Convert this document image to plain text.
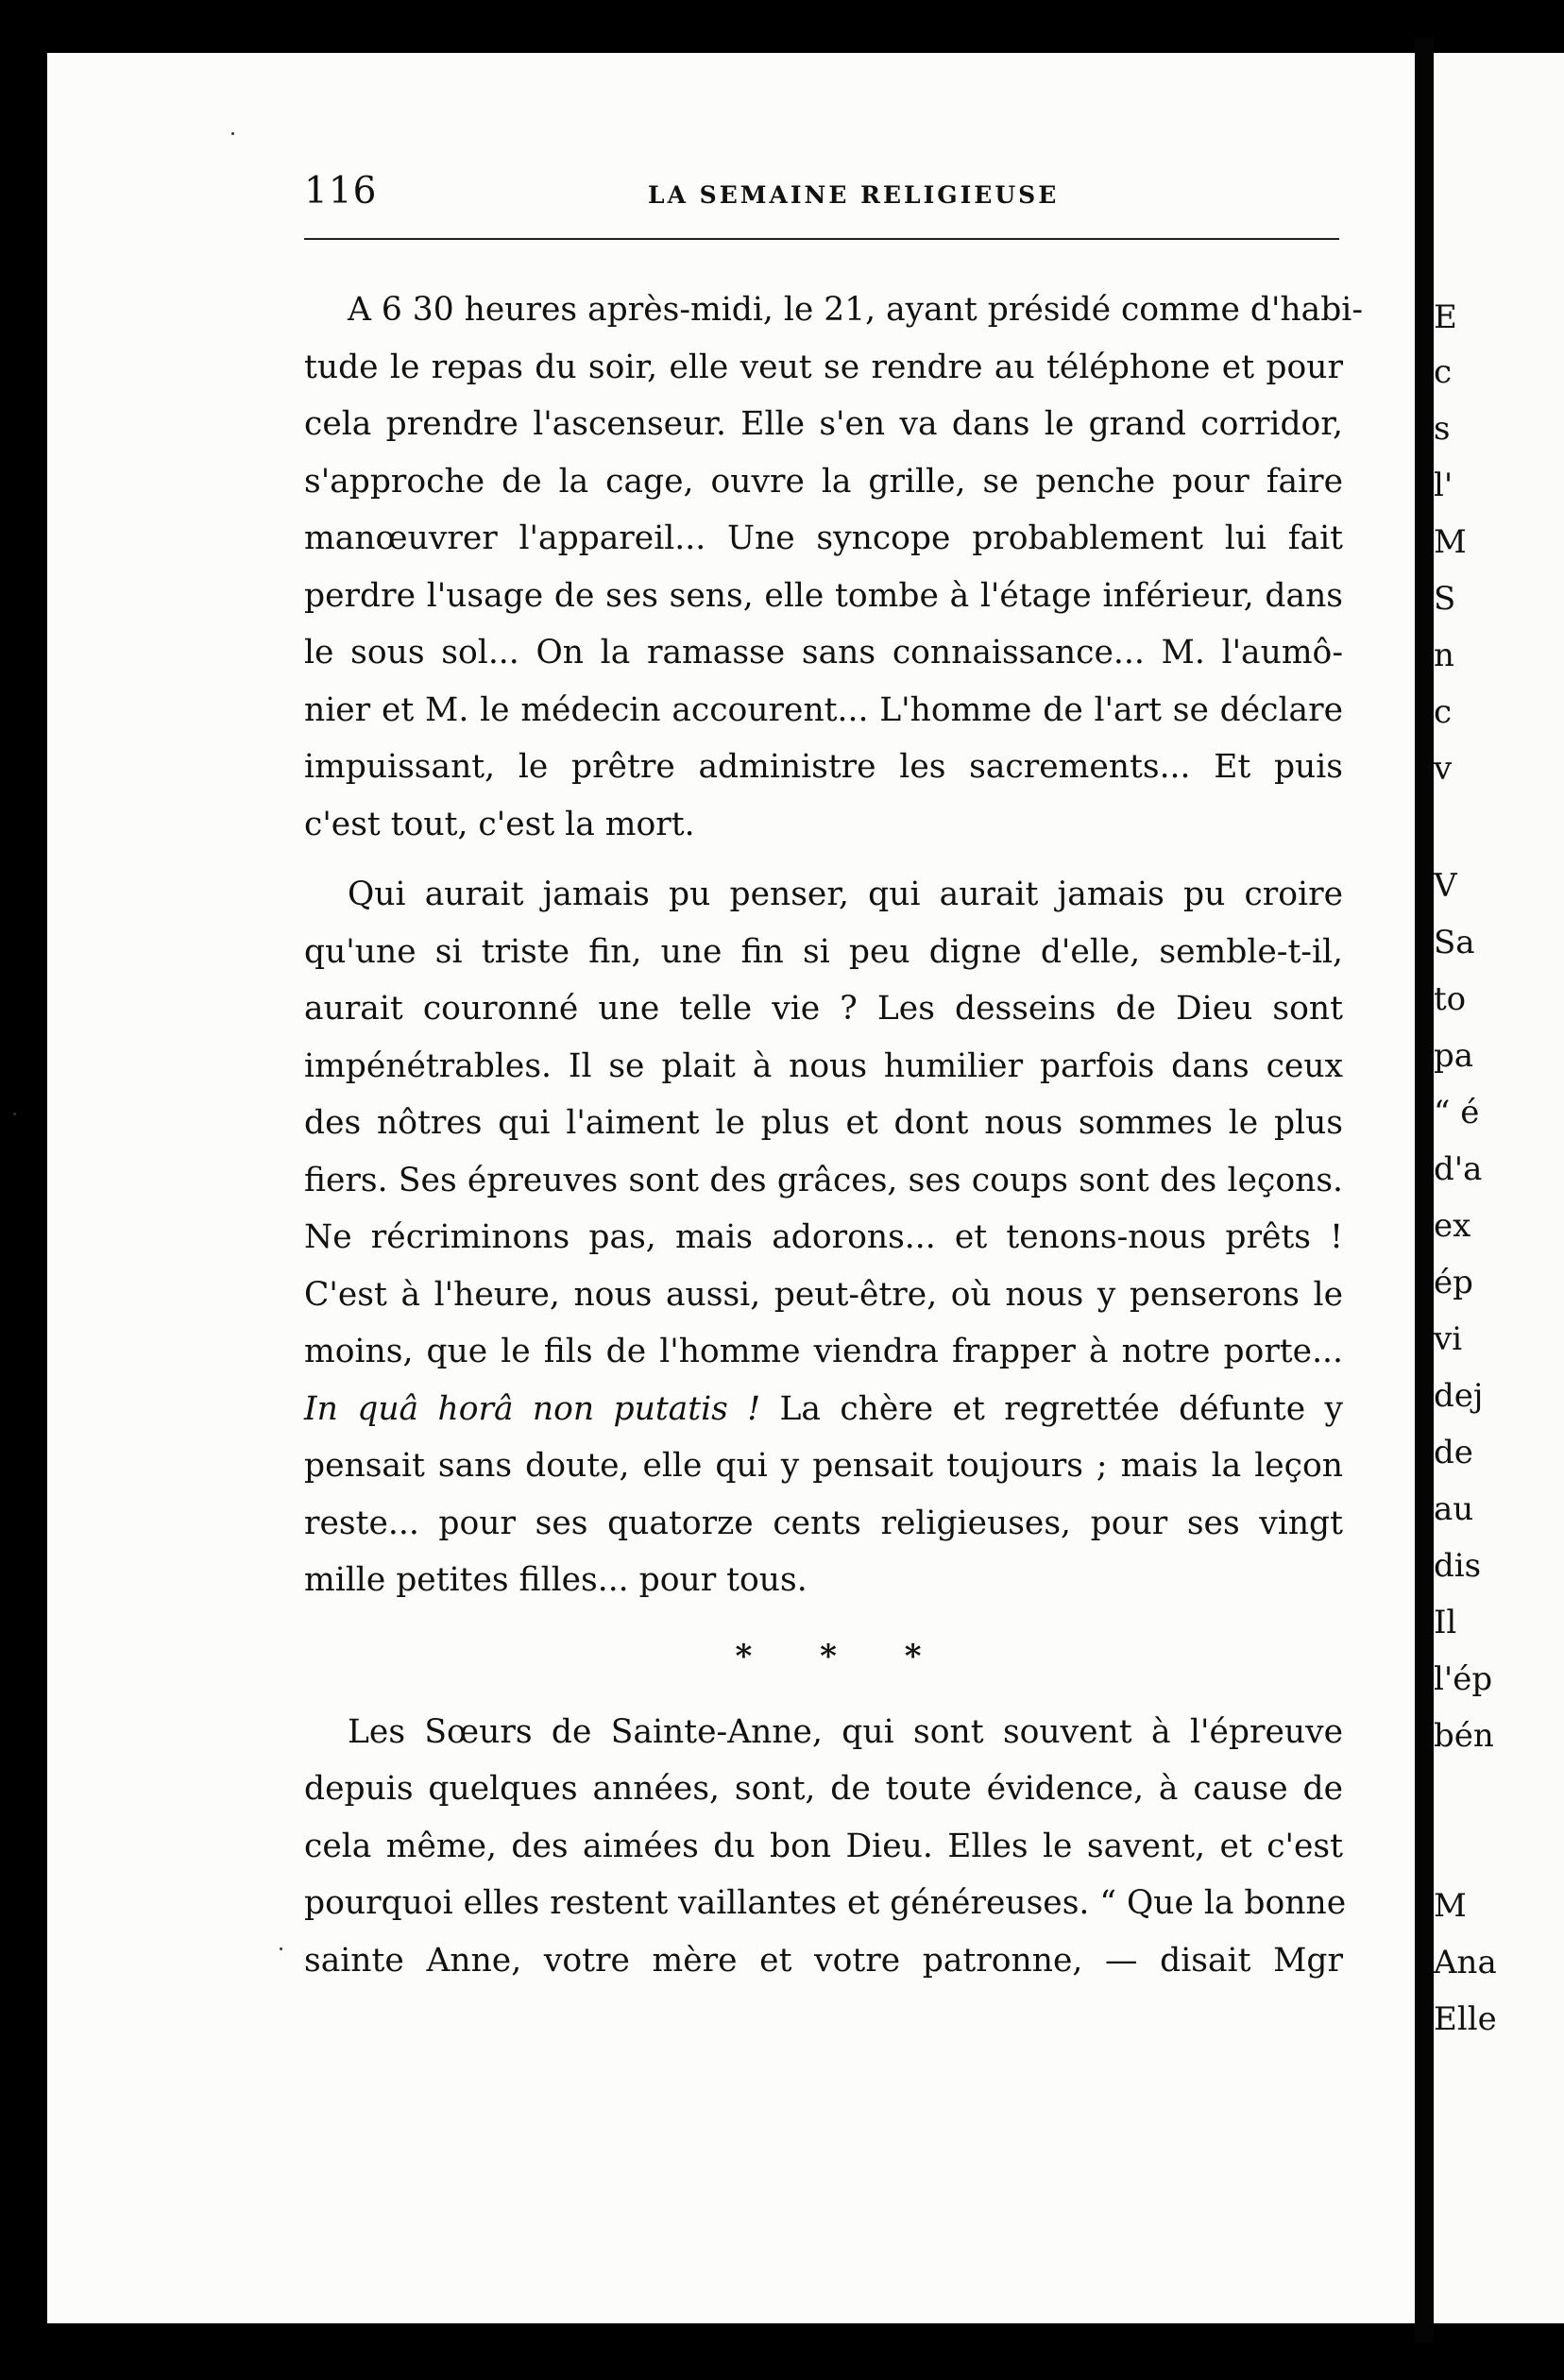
E
c
s
l'
M
S
n
c
v
V
Sa
to
pa
“ é
d'a
ex
ép
vi
dej
de
au
dis
Il
l'ép
bén
M
Ana
Elle
116	LA SEMAINE RELIGIEUSE
A 6 30 heures après-midi, le 21, ayant présidé comme d'habi-
tude le repas du soir, elle veut se rendre au téléphone et pour
cela prendre l'ascenseur. Elle s'en va dans le grand corridor,
s'approche de la cage, ouvre la grille, se penche pour faire
manœuvrer l'appareil... Une syncope probablement lui fait
perdre l'usage de ses sens, elle tombe à l'étage inférieur, dans
le sous sol... On la ramasse sans connaissance... M. l'aumô-
nier et M. le médecin accourent... L'homme de l'art se déclare
impuissant, le prêtre administre les sacrements... Et puis
c'est tout, c'est la mort.
Qui aurait jamais pu penser, qui aurait jamais pu croire
qu'une si triste fin, une fin si peu digne d'elle, semble-t-il,
aurait couronné une telle vie ? Les desseins de Dieu sont
impénétrables. Il se plait à nous humilier parfois dans ceux
des nôtres qui l'aiment le plus et dont nous sommes le plus
fiers. Ses épreuves sont des grâces, ses coups sont des leçons.
Ne récriminons pas, mais adorons... et tenons-nous prêts !
C'est à l'heure, nous aussi, peut-être, où nous y penserons le
moins, que le fils de l'homme viendra frapper à notre porte...
In quâ horâ non putatis ! La chère et regrettée défunte y
pensait sans doute, elle qui y pensait toujours ; mais la leçon
reste... pour ses quatorze cents religieuses, pour ses vingt
mille petites filles... pour tous.
* * *
Les Sœurs de Sainte-Anne, qui sont souvent à l'épreuve
depuis quelques années, sont, de toute évidence, à cause de
cela même, des aimées du bon Dieu. Elles le savent, et c'est
pourquoi elles restent vaillantes et généreuses. “ Que la bonne
sainte Anne, votre mère et votre patronne, — disait Mgr
